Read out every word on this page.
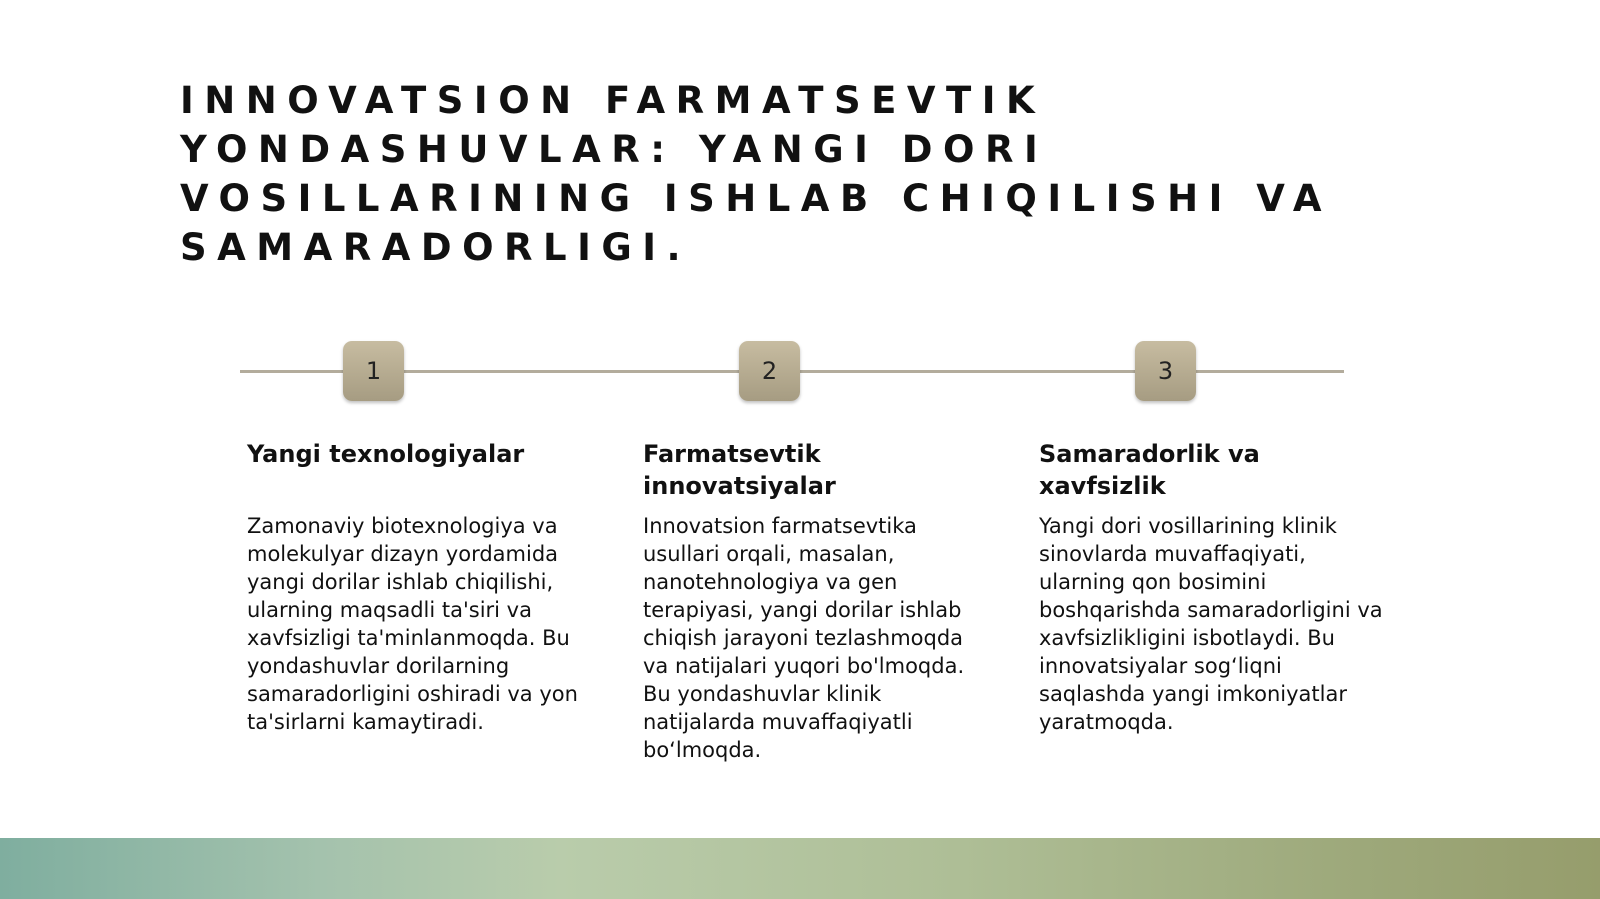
INNOVATSION FARMATSEVTIK YONDASHUVLAR: YANGI DORI VOSILLARINING ISHLAB CHIQILISHI VA SAMARADORLIGI.
1	2	3
Yangi texnologiyalar

Zamonaviy biotexnologiya va molekulyar dizayn yordamida yangi dorilar ishlab chiqilishi, ularning maqsadli ta'siri va xavfsizligi ta'minlanmoqda. Bu yondashuvlar dorilarning samaradorligini oshiradi va yon ta'sirlarni kamaytiradi.

Farmatsevtik innovatsiyalar

Innovatsion farmatsevtika usullari orqali, masalan, nanotehnologiya va gen terapiyasi, yangi dorilar ishlab chiqish jarayoni tezlashmoqda va natijalari yuqori bo'lmoqda. Bu yondashuvlar klinik natijalarda muvaffaqiyatli bo‘lmoqda.

Samaradorlik va xavfsizlik

Yangi dori vosillarining klinik sinovlarda muvaffaqiyati, ularning qon bosimini boshqarishda samaradorligini va xavfsizlikligini isbotlaydi. Bu innovatsiyalar sog‘liqni saqlashda yangi imkoniyatlar yaratmoqda.
